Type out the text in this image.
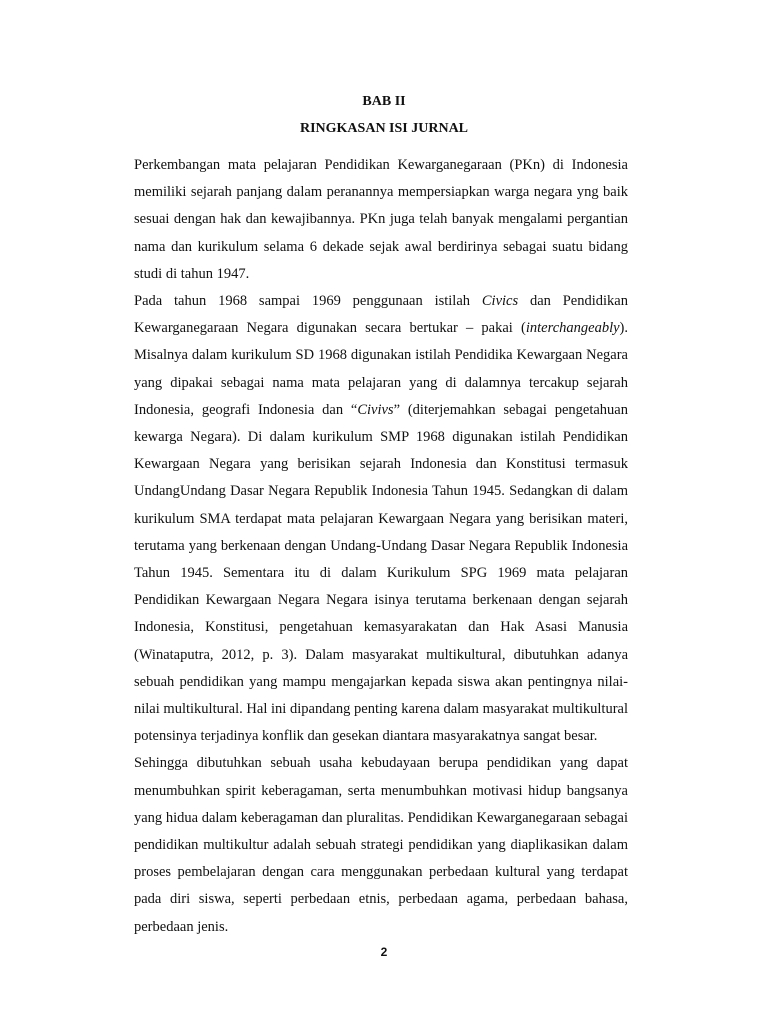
BAB II
RINGKASAN ISI JURNAL

Perkembangan mata pelajaran Pendidikan Kewarganegaraan (PKn) di Indonesia memiliki sejarah panjang dalam peranannya mempersiapkan warga negara yng baik sesuai dengan hak dan kewajibannya. PKn juga telah banyak mengalami pergantian nama dan kurikulum selama 6 dekade sejak awal berdirinya sebagai suatu bidang studi di tahun 1947.

Pada tahun 1968 sampai 1969 penggunaan istilah Civics dan Pendidikan Kewarganegaraan Negara digunakan secara bertukar – pakai (interchangeably). Misalnya dalam kurikulum SD 1968 digunakan istilah Pendidika Kewargaan Negara yang dipakai sebagai nama mata pelajaran yang di dalamnya tercakup sejarah Indonesia, geografi Indonesia dan “Civivs” (diterjemahkan sebagai pengetahuan kewarga Negara). Di dalam kurikulum SMP 1968 digunakan istilah Pendidikan Kewargaan Negara yang berisikan sejarah Indonesia dan Konstitusi termasuk UndangUndang Dasar Negara Republik Indonesia Tahun 1945. Sedangkan di dalam kurikulum SMA terdapat mata pelajaran Kewargaan Negara yang berisikan materi, terutama yang berkenaan dengan Undang-Undang Dasar Negara Republik Indonesia Tahun 1945. Sementara itu di dalam Kurikulum SPG 1969 mata pelajaran Pendidikan Kewargaan Negara Negara isinya terutama berkenaan dengan sejarah Indonesia, Konstitusi, pengetahuan kemasyarakatan dan Hak Asasi Manusia (Winataputra, 2012, p. 3). Dalam masyarakat multikultural, dibutuhkan adanya sebuah pendidikan yang mampu mengajarkan kepada siswa akan pentingnya nilai-nilai multikultural. Hal ini dipandang penting karena dalam masyarakat multikultural potensinya terjadinya konflik dan gesekan diantara masyarakatnya sangat besar.

Sehingga dibutuhkan sebuah usaha kebudayaan berupa pendidikan yang dapat menumbuhkan spirit keberagaman, serta menumbuhkan motivasi hidup bangsanya yang hidua dalam keberagaman dan pluralitas. Pendidikan Kewarganegaraan sebagai pendidikan multikultur adalah sebuah strategi pendidikan yang diaplikasikan dalam proses pembelajaran dengan cara menggunakan perbedaan kultural yang terdapat pada diri siswa, seperti perbedaan etnis, perbedaan agama, perbedaan bahasa, perbedaan jenis.

2
